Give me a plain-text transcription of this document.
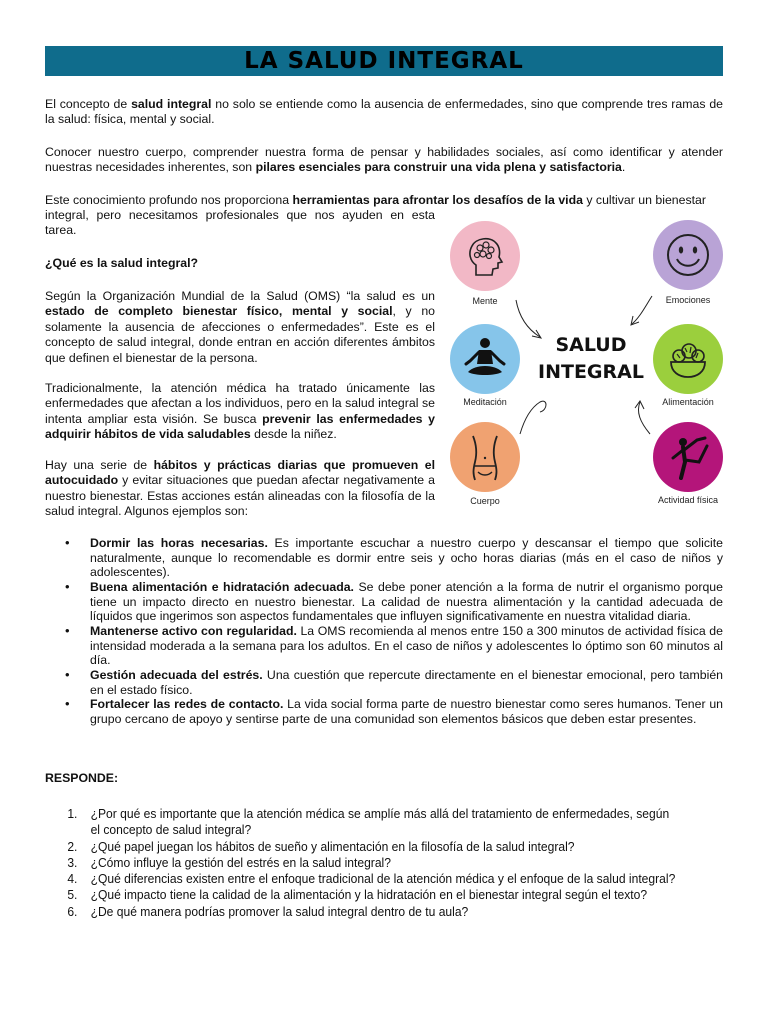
LA SALUD INTEGRAL

El concepto de salud integral no solo se entiende como la ausencia de enfermedades, sino que comprende tres ramas de la salud: física, mental y social.

Conocer nuestro cuerpo, comprender nuestra forma de pensar y habilidades sociales, así como identificar y atender nuestras necesidades inherentes, son pilares esenciales para construir una vida plena y satisfactoria.

Este conocimiento profundo nos proporciona herramientas para afrontar los desafíos de la vida y cultivar un bienestar

integral, pero necesitamos profesionales que nos ayuden en esta tarea.

¿Qué es la salud integral?

Según la Organización Mundial de la Salud (OMS) “la salud es un estado de completo bienestar físico, mental y social, y no solamente la ausencia de afecciones o enfermedades”. Este es el concepto de salud integral, donde entran en acción diferentes ámbitos que definen el bienestar de la persona.

Tradicionalmente, la atención médica ha tratado únicamente las enfermedades que afectan a los individuos, pero en la salud integral se intenta ampliar esta visión. Se busca prevenir las enfermedades y adquirir hábitos de vida saludables desde la niñez.

Hay una serie de hábitos y prácticas diarias que promueven el autocuidado y evitar situaciones que puedan afectar negativamente a nuestro bienestar. Estas acciones están alineadas con la filosofía de la salud integral. Algunos ejemplos son:

SALUD
INTEGRAL
Mente	Emociones
Meditación	Alimentación
Cuerpo	Actividad física
• Dormir las horas necesarias. Es importante escuchar a nuestro cuerpo y descansar el tiempo que solicite naturalmente, aunque lo recomendable es dormir entre seis y ocho horas diarias (más en el caso de niños y adolescentes).
• Buena alimentación e hidratación adecuada. Se debe poner atención a la forma de nutrir el organismo porque tiene un impacto directo en nuestro bienestar. La calidad de nuestra alimentación y la cantidad adecuada de líquidos que ingerimos son aspectos fundamentales que influyen significativamente en nuestra vitalidad diaria.
• Mantenerse activo con regularidad. La OMS recomienda al menos entre 150 a 300 minutos de actividad física de intensidad moderada a la semana para los adultos. En el caso de niños y adolescentes lo óptimo son 60 minutos al día.
• Gestión adecuada del estrés. Una cuestión que repercute directamente en el bienestar emocional, pero también en el estado físico.
• Fortalecer las redes de contacto. La vida social forma parte de nuestro bienestar como seres humanos. Tener un grupo cercano de apoyo y sentirse parte de una comunidad son elementos básicos que deben estar presentes.

RESPONDE:

1. ¿Por qué es importante que la atención médica se amplíe más allá del tratamiento de enfermedades, según el concepto de salud integral?
2. ¿Qué papel juegan los hábitos de sueño y alimentación en la filosofía de la salud integral?
3. ¿Cómo influye la gestión del estrés en la salud integral?
4. ¿Qué diferencias existen entre el enfoque tradicional de la atención médica y el enfoque de la salud integral?
5. ¿Qué impacto tiene la calidad de la alimentación y la hidratación en el bienestar integral según el texto?
6. ¿De qué manera podrías promover la salud integral dentro de tu aula?
